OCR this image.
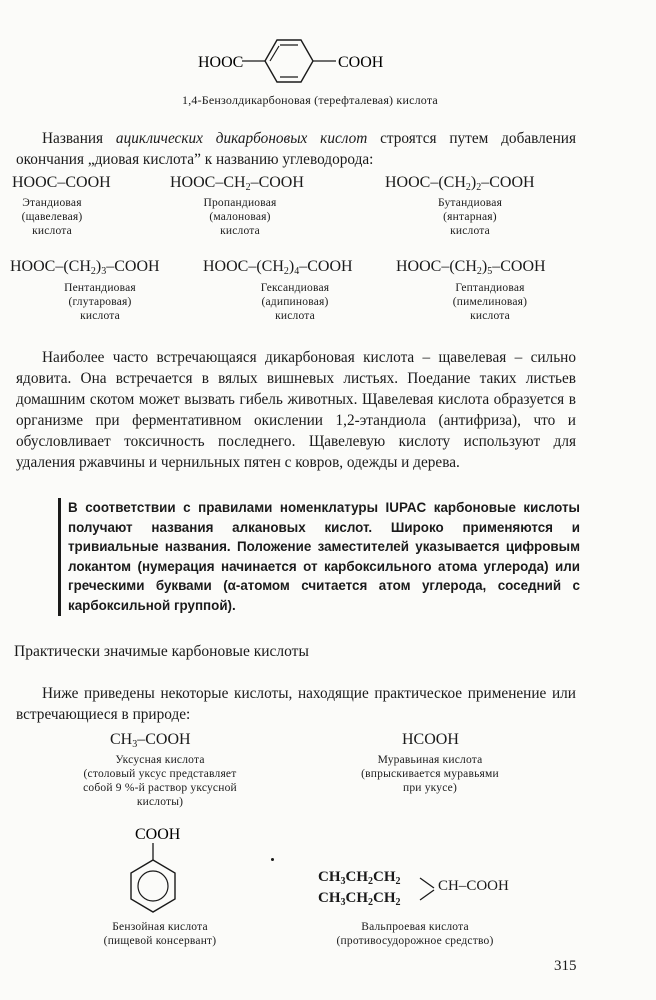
HOOC	COOH
1,4-Бензолдикарбоновая (терефталевая) кислота

Названия ациклических дикарбоновых кислот строятся путем добавления окончания „диовая кислота” к названию углеводорода:

HOOC–COOH
Этандиовая
(щавелевая)
кислота
HOOC–$CH_2$–COOH
Пропандиовая
(малоновая)
кислота
HOOC–$(CH_2)_2$–COOH
Бутандиовая
(янтарная)
кислота
HOOC–$(CH_2)_3$–COOH
Пентандиовая
(глутаровая)
кислота
HOOC–$(CH_2)_4$–COOH
Гександиовая
(адипиновая)
кислота
HOOC–$(CH_2)_5$–COOH
Гептандиовая
(пимелиновая)
кислота

Наиболее часто встречающаяся дикарбоновая кислота – щавелевая – сильно ядовита. Она встречается в вялых вишневых листьях. Поедание таких листьев домашним скотом может вызвать гибель животных. Щавелевая кислота образуется в организме при ферментативном окислении 1,2-этандиола (антифриза), что и обусловливает токсичность последнего. Щавелевую кислоту используют для удаления ржавчины и чернильных пятен с ковров, одежды и дерева.

В соответствии с правилами номенклатуры IUPAC карбоновые кислоты получают названия алкановых кислот. Широко применяются и тривиальные названия. Положение заместителей указывается цифровым локантом (нумерация начинается от карбоксильного атома углерода) или греческими буквами (α-атомом считается атом углерода, соседний с карбоксильной группой).

Практически значимые карбоновые кислоты

Ниже приведены некоторые кислоты, находящие практическое применение или встречающиеся в природе:

$CH_3$–COOH
Уксусная кислота
(столовый уксус представляет
собой 9 %-й раствор уксусной
кислоты)
HCOOH
Муравьиная кислота
(впрыскивается муравьями
при укусе)
COOH
Бензойная кислота
(пищевой консервант)
$CH_3CH_2CH_2$
$CH_3CH_2CH_2$
CH–COOH
Вальпроевая кислота
(противосудорожное средство)
315
